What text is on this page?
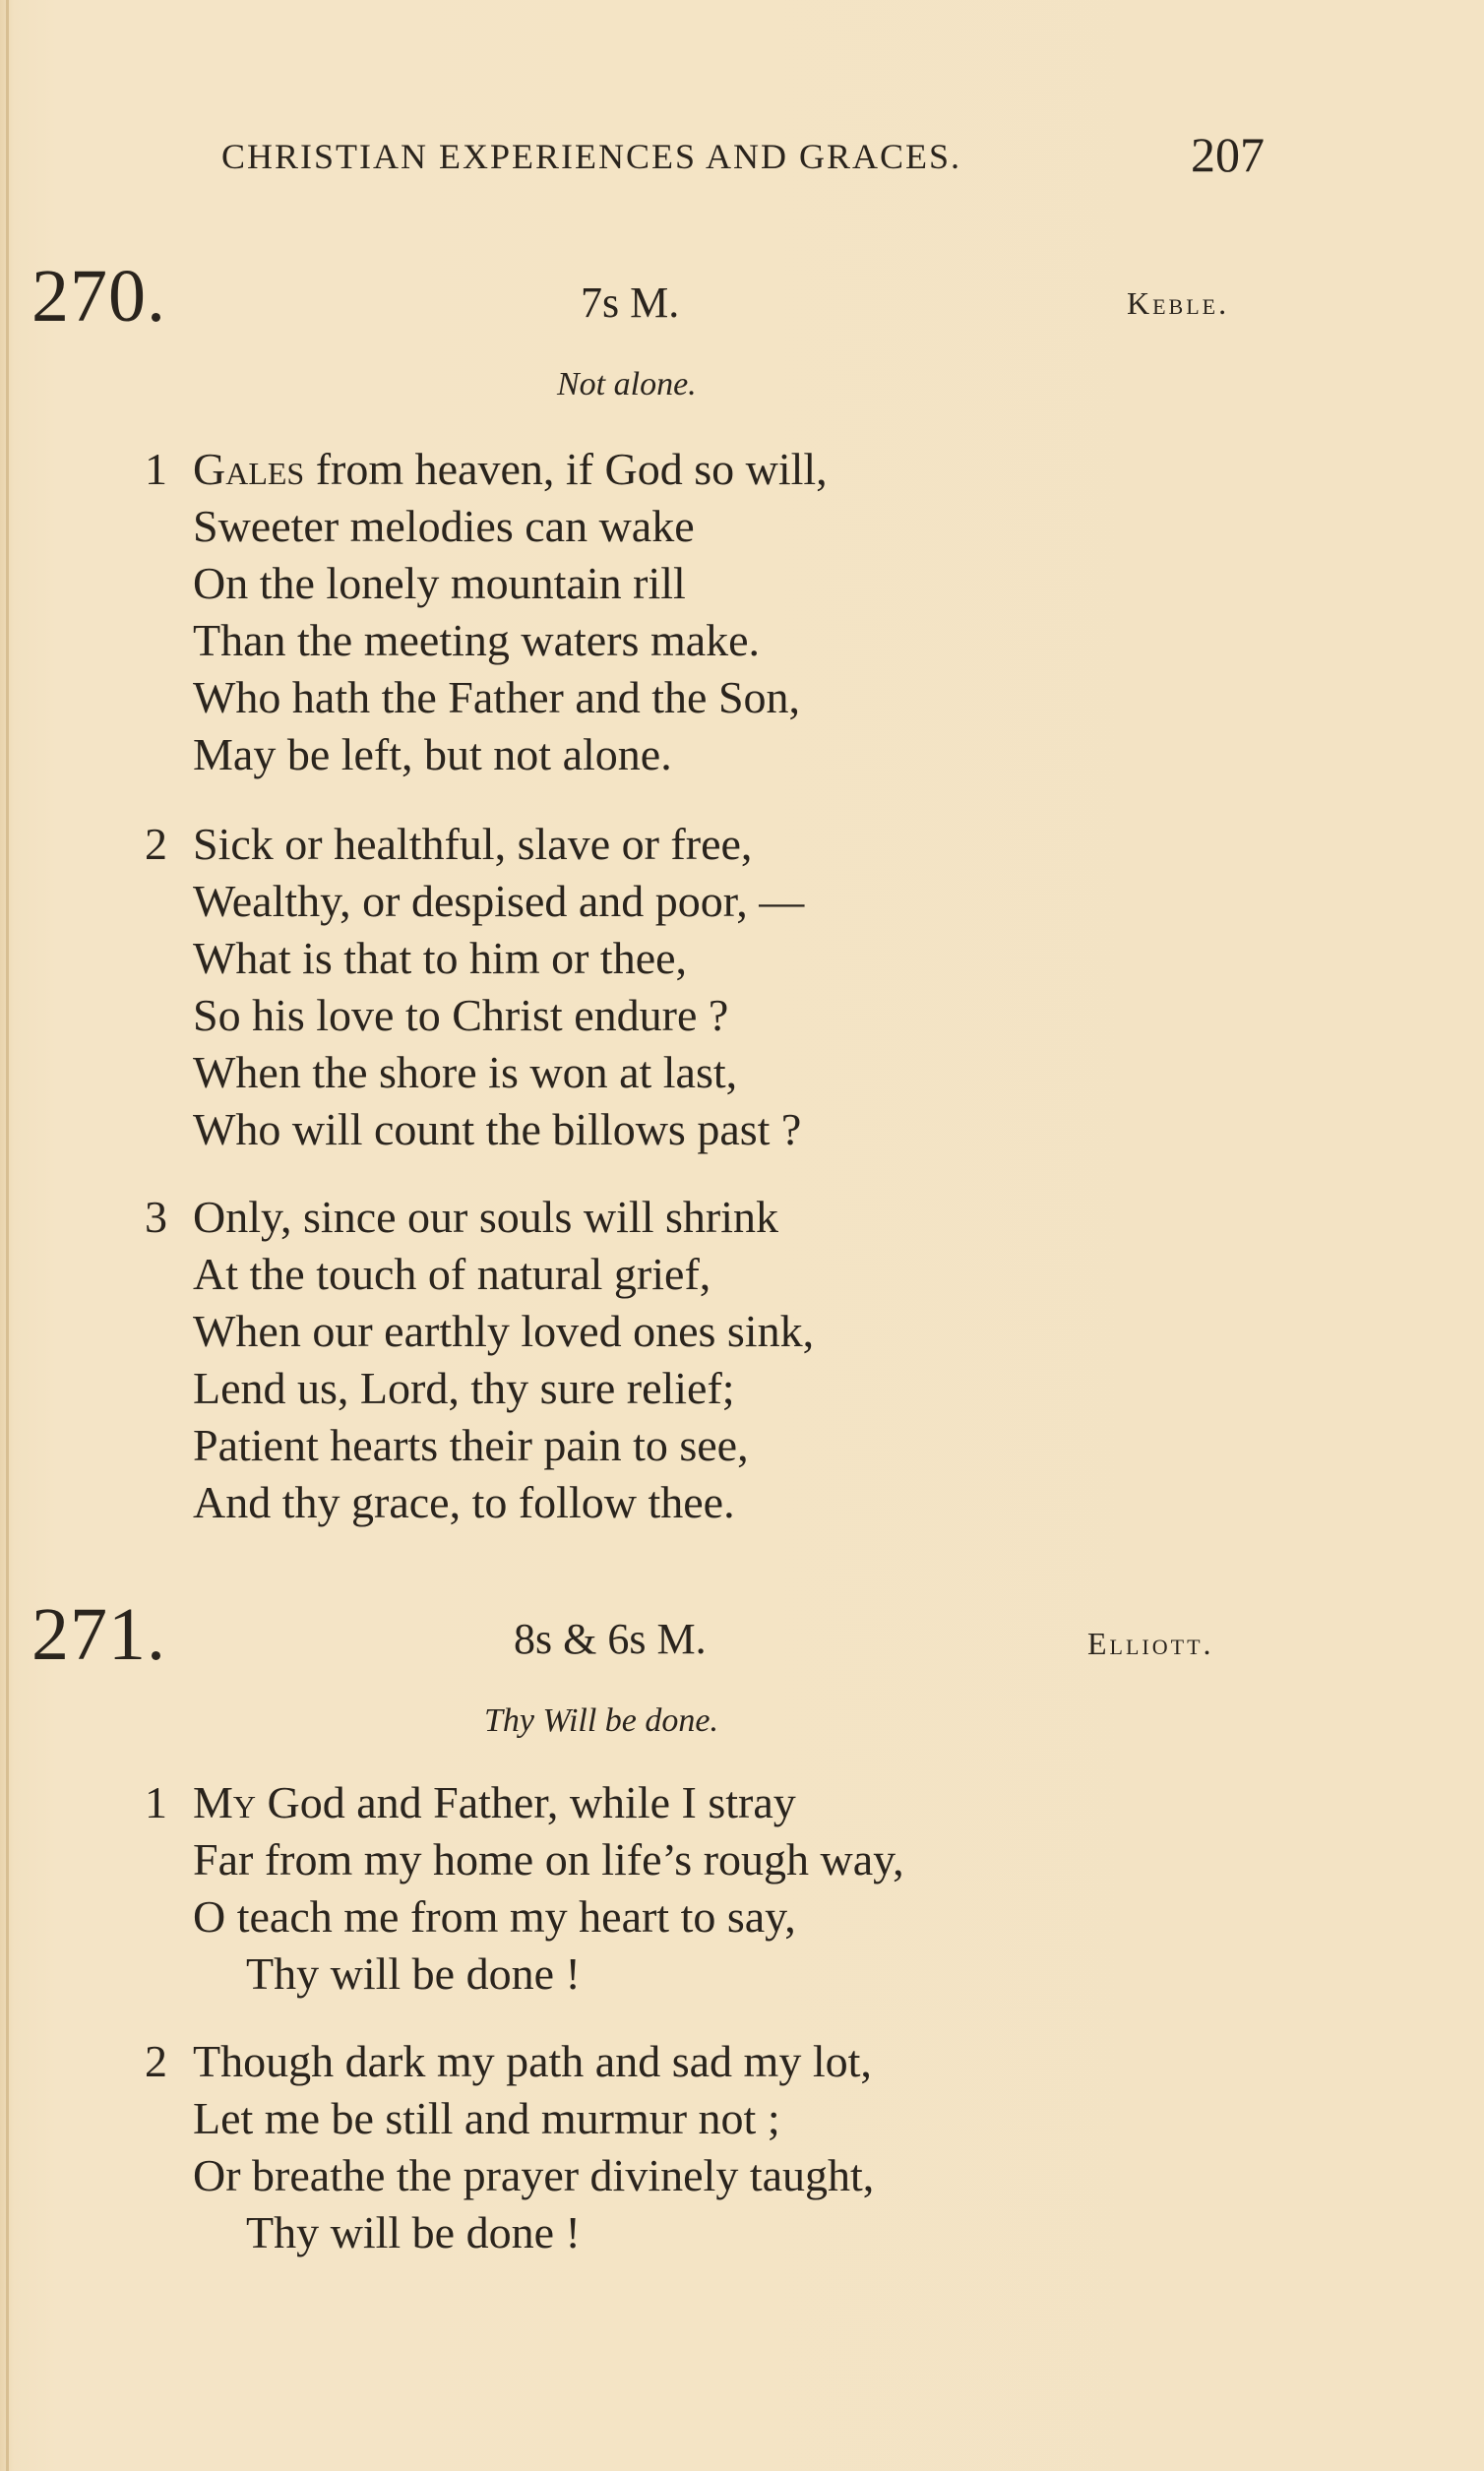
CHRISTIAN EXPERIENCES AND GRACES.	207
270.	7s M.	Keble.
Not alone.
1 Gales from heaven, if God so will,
Sweeter melodies can wake
On the lonely mountain rill
Than the meeting waters make.
Who hath the Father and the Son,
May be left, but not alone.
2 Sick or healthful, slave or free,
Wealthy, or despised and poor, —
What is that to him or thee,
So his love to Christ endure ?
When the shore is won at last,
Who will count the billows past ?
3 Only, since our souls will shrink
At the touch of natural grief,
When our earthly loved ones sink,
Lend us, Lord, thy sure relief;
Patient hearts their pain to see,
And thy grace, to follow thee.
271.	8s & 6s M.	Elliott.
Thy Will be done.
1 My God and Father, while I stray
Far from my home on life’s rough way,
O teach me from my heart to say,
Thy will be done !
2 Though dark my path and sad my lot,
Let me be still and murmur not ;
Or breathe the prayer divinely taught,
Thy will be done !
